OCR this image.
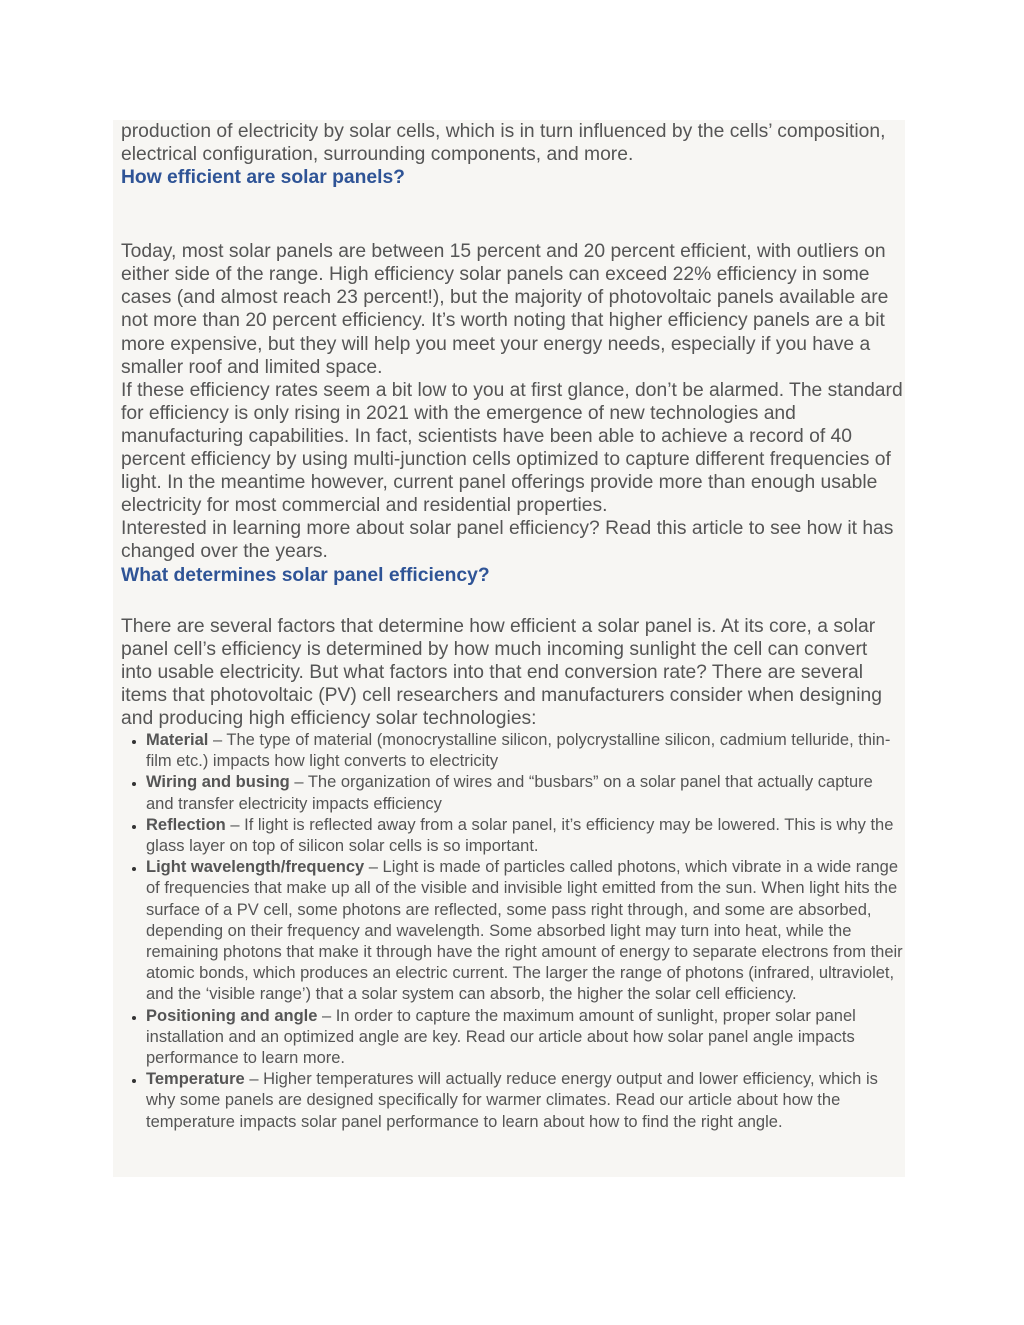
production of electricity by solar cells, which is in turn influenced by the cells’ composition, electrical configuration, surrounding components, and more.

How efficient are solar panels?

Today, most solar panels are between 15 percent and 20 percent efficient, with outliers on either side of the range. High efficiency solar panels can exceed 22% efficiency in some cases (and almost reach 23 percent!), but the majority of photovoltaic panels available are not more than 20 percent efficiency. It’s worth noting that higher efficiency panels are a bit more expensive, but they will help you meet your energy needs, especially if you have a smaller roof and limited space.

If these efficiency rates seem a bit low to you at first glance, don’t be alarmed. The standard for efficiency is only rising in 2021 with the emergence of new technologies and manufacturing capabilities. In fact, scientists have been able to achieve a record of 40 percent efficiency by using multi-junction cells optimized to capture different frequencies of light. In the meantime however, current panel offerings provide more than enough usable electricity for most commercial and residential properties.

Interested in learning more about solar panel efficiency? Read this article to see how it has changed over the years.

What determines solar panel efficiency?

There are several factors that determine how efficient a solar panel is. At its core, a solar panel cell’s efficiency is determined by how much incoming sunlight the cell can convert into usable electricity. But what factors into that end conversion rate? There are several items that photovoltaic (PV) cell researchers and manufacturers consider when designing and producing high efficiency solar technologies:

• Material – The type of material (monocrystalline silicon, polycrystalline silicon, cadmium telluride, thin-film etc.) impacts how light converts to electricity
• Wiring and busing – The organization of wires and “busbars” on a solar panel that actually capture and transfer electricity impacts efficiency
• Reflection – If light is reflected away from a solar panel, it’s efficiency may be lowered. This is why the glass layer on top of silicon solar cells is so important.
• Light wavelength/frequency – Light is made of particles called photons, which vibrate in a wide range of frequencies that make up all of the visible and invisible light emitted from the sun. When light hits the surface of a PV cell, some photons are reflected, some pass right through, and some are absorbed, depending on their frequency and wavelength. Some absorbed light may turn into heat, while the remaining photons that make it through have the right amount of energy to separate electrons from their atomic bonds, which produces an electric current. The larger the range of photons (infrared, ultraviolet, and the ‘visible range’) that a solar system can absorb, the higher the solar cell efficiency.
• Positioning and angle – In order to capture the maximum amount of sunlight, proper solar panel installation and an optimized angle are key. Read our article about how solar panel angle impacts performance to learn more.
• Temperature – Higher temperatures will actually reduce energy output and lower efficiency, which is why some panels are designed specifically for warmer climates. Read our article about how the temperature impacts solar panel performance to learn about how to find the right angle.
